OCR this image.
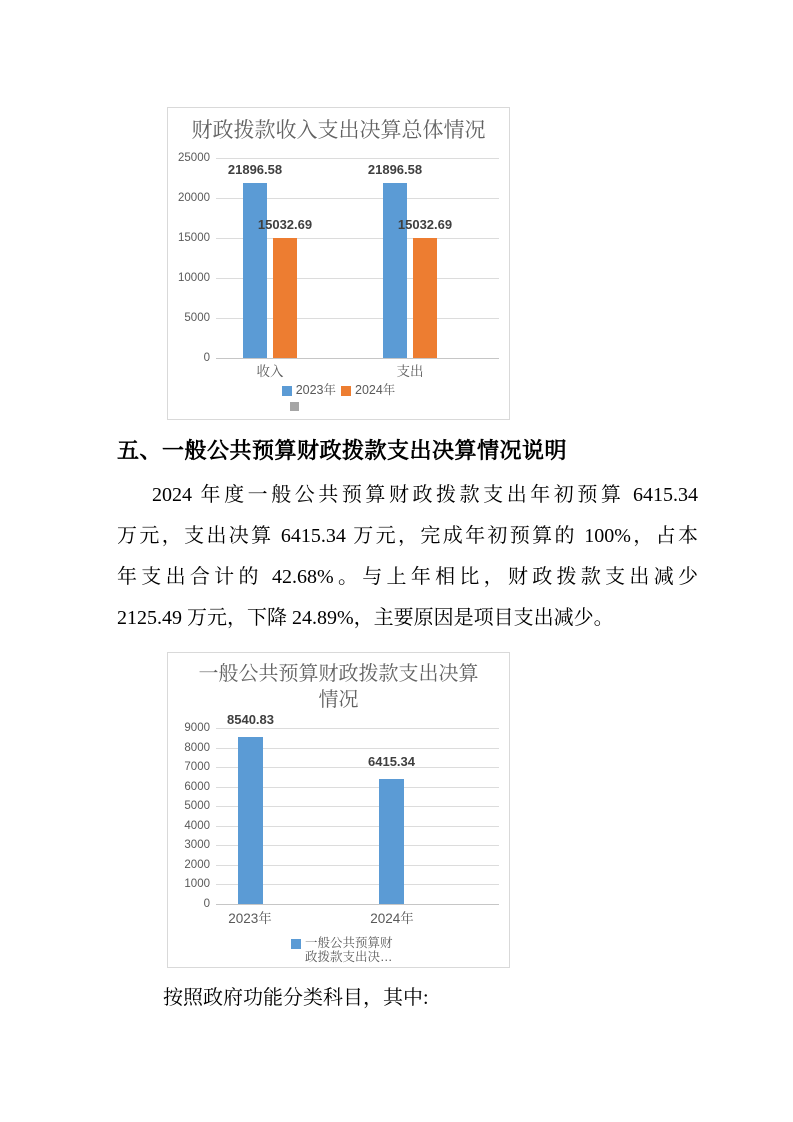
财政拨款收入支出决算总体情况
0
5000
10000
15000
20000
25000
21896.58	21896.58
15032.69	15032.69
收入	支出
2023年 2024年
五、一般公共预算财政拨款支出决算情况说明
2024 年度一般公共预算财政拨款支出年初预算 6415.34
万元，支出决算 6415.34 万元，完成年初预算的 100%，占本
年支出合计的 42.68%。与上年相比，财政拨款支出减少
2125.49 万元，下降 24.89%，主要原因是项目支出减少。
一般公共预算财政拨款支出决算
情况
0
1000
2000
3000
4000
5000
6000
7000
8000
9000
8540.83
6415.34
2023年	2024年
一般公共预算财
政拨款支出决…
按照政府功能分类科目，其中:
